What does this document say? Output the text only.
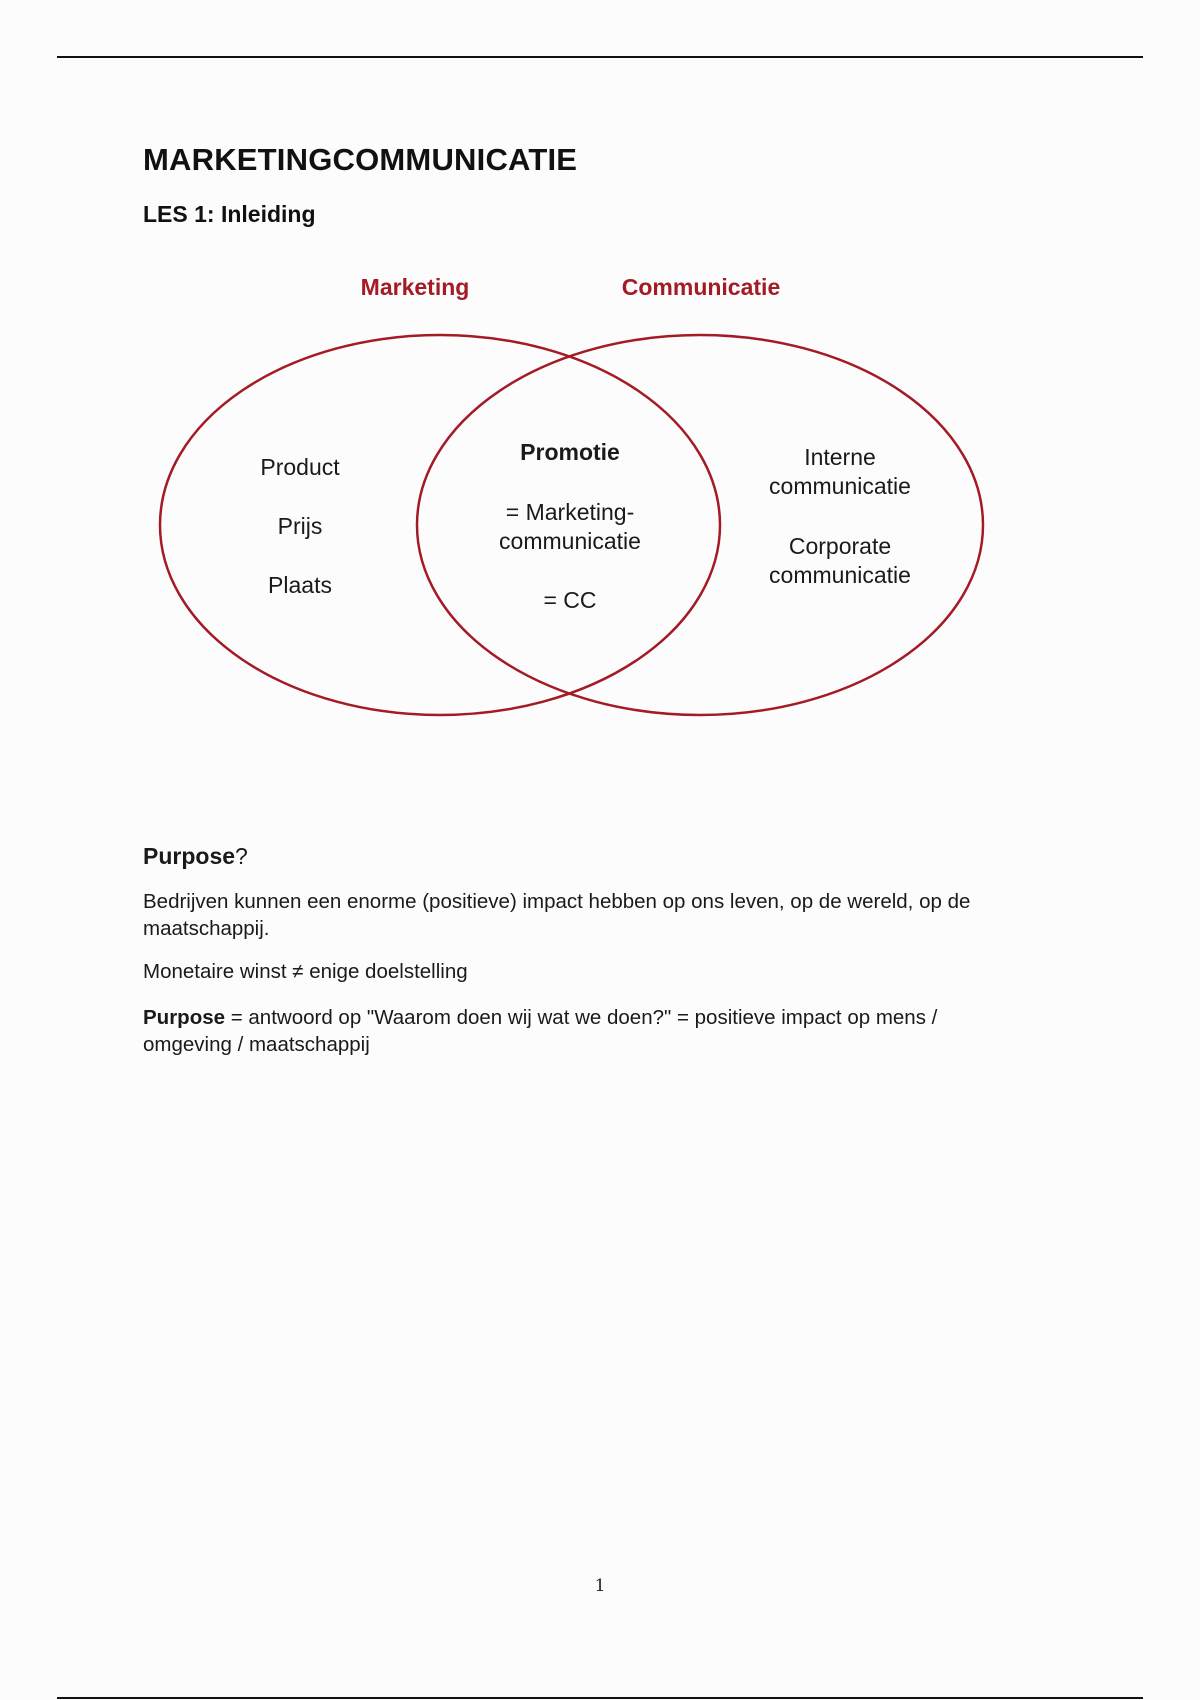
MARKETINGCOMMUNICATIE
LES 1: Inleiding
Marketing	Communicatie
Product
Prijs
Plaats
Promotie
= Marketing-
communicatie
= CC
Interne
communicatie
Corporate
communicatie

Purpose?

Bedrijven kunnen een enorme (positieve) impact hebben op ons leven, op de wereld, op de

maatschappij.

Monetaire winst ≠ enige doelstelling

Purpose = antwoord op "Waarom doen wij wat we doen?" = positieve impact op mens /

omgeving / maatschappij

1
